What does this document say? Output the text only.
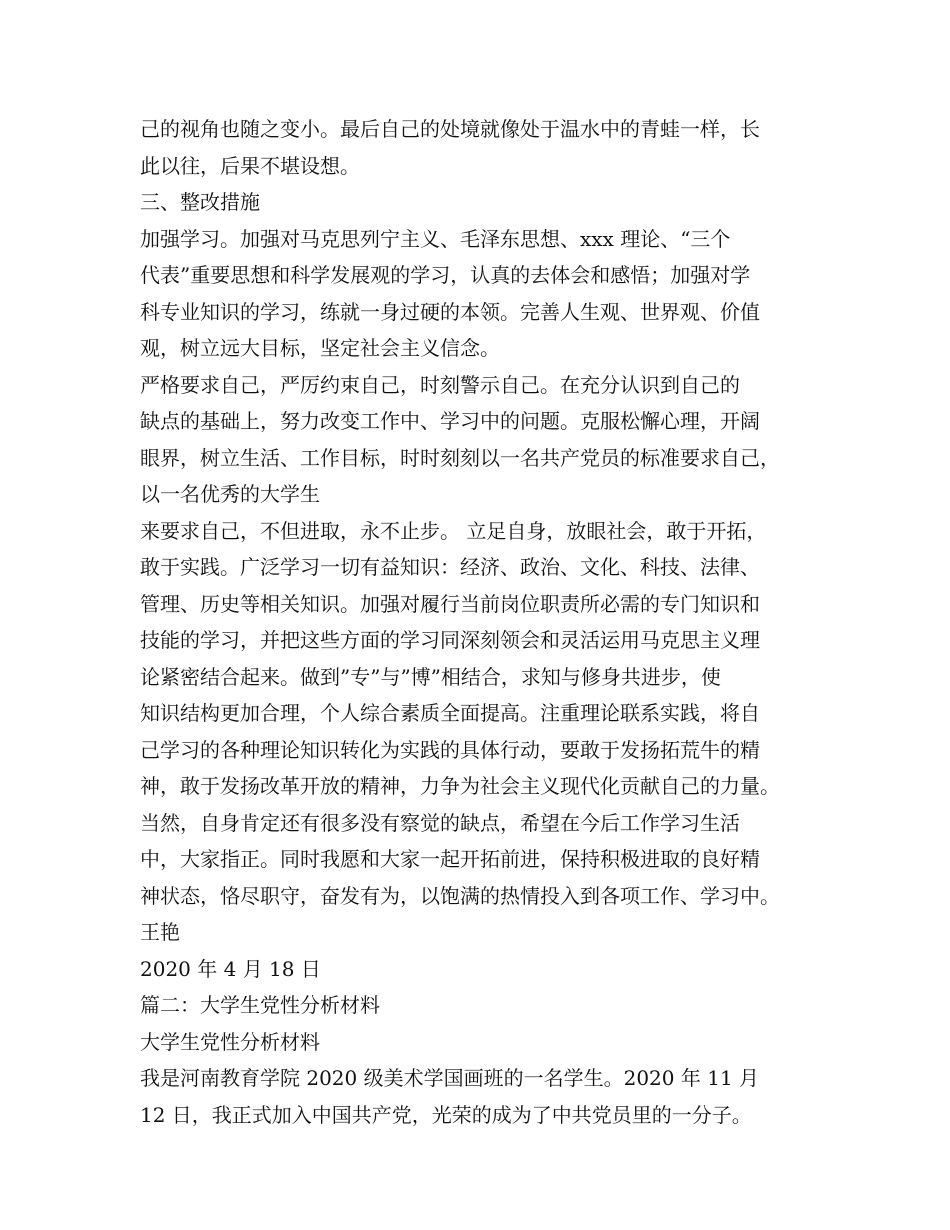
己的视角也随之变小。最后自己的处境就像处于温水中的青蛙一样，长
此以往，后果不堪设想。
三、整改措施
加强学习。加强对马克思列宁主义、毛泽东思想、xxx 理论、“三个
代表”重要思想和科学发展观的学习，认真的去体会和感悟；加强对学
科专业知识的学习，练就一身过硬的本领。完善人生观、世界观、价值
观，树立远大目标，坚定社会主义信念。
严格要求自己，严厉约束自己，时刻警示自己。在充分认识到自己的
缺点的基础上，努力改变工作中、学习中的问题。克服松懈心理，开阔
眼界，树立生活、工作目标，时时刻刻以一名共产党员的标准要求自己，
以一名优秀的大学生
来要求自己，不但进取，永不止步。 立足自身，放眼社会，敢于开拓，
敢于实践。广泛学习一切有益知识：经济、政治、文化、科技、法律、
管理、历史等相关知识。加强对履行当前岗位职责所必需的专门知识和
技能的学习，并把这些方面的学习同深刻领会和灵活运用马克思主义理
论紧密结合起来。做到”专”与”博”相结合，求知与修身共进步，使
知识结构更加合理，个人综合素质全面提高。注重理论联系实践，将自
己学习的各种理论知识转化为实践的具体行动，要敢于发扬拓荒牛的精
神，敢于发扬改革开放的精神，力争为社会主义现代化贡献自己的力量。
当然，自身肯定还有很多没有察觉的缺点，希望在今后工作学习生活
中，大家指正。同时我愿和大家一起开拓前进，保持积极进取的良好精
神状态，恪尽职守，奋发有为，以饱满的热情投入到各项工作、学习中。
王艳
2020 年 4 月 18 日
篇二：大学生党性分析材料
大学生党性分析材料
我是河南教育学院 2020 级美术学国画班的一名学生。2020 年 11 月
12 日，我正式加入中国共产党，光荣的成为了中共党员里的一分子。
